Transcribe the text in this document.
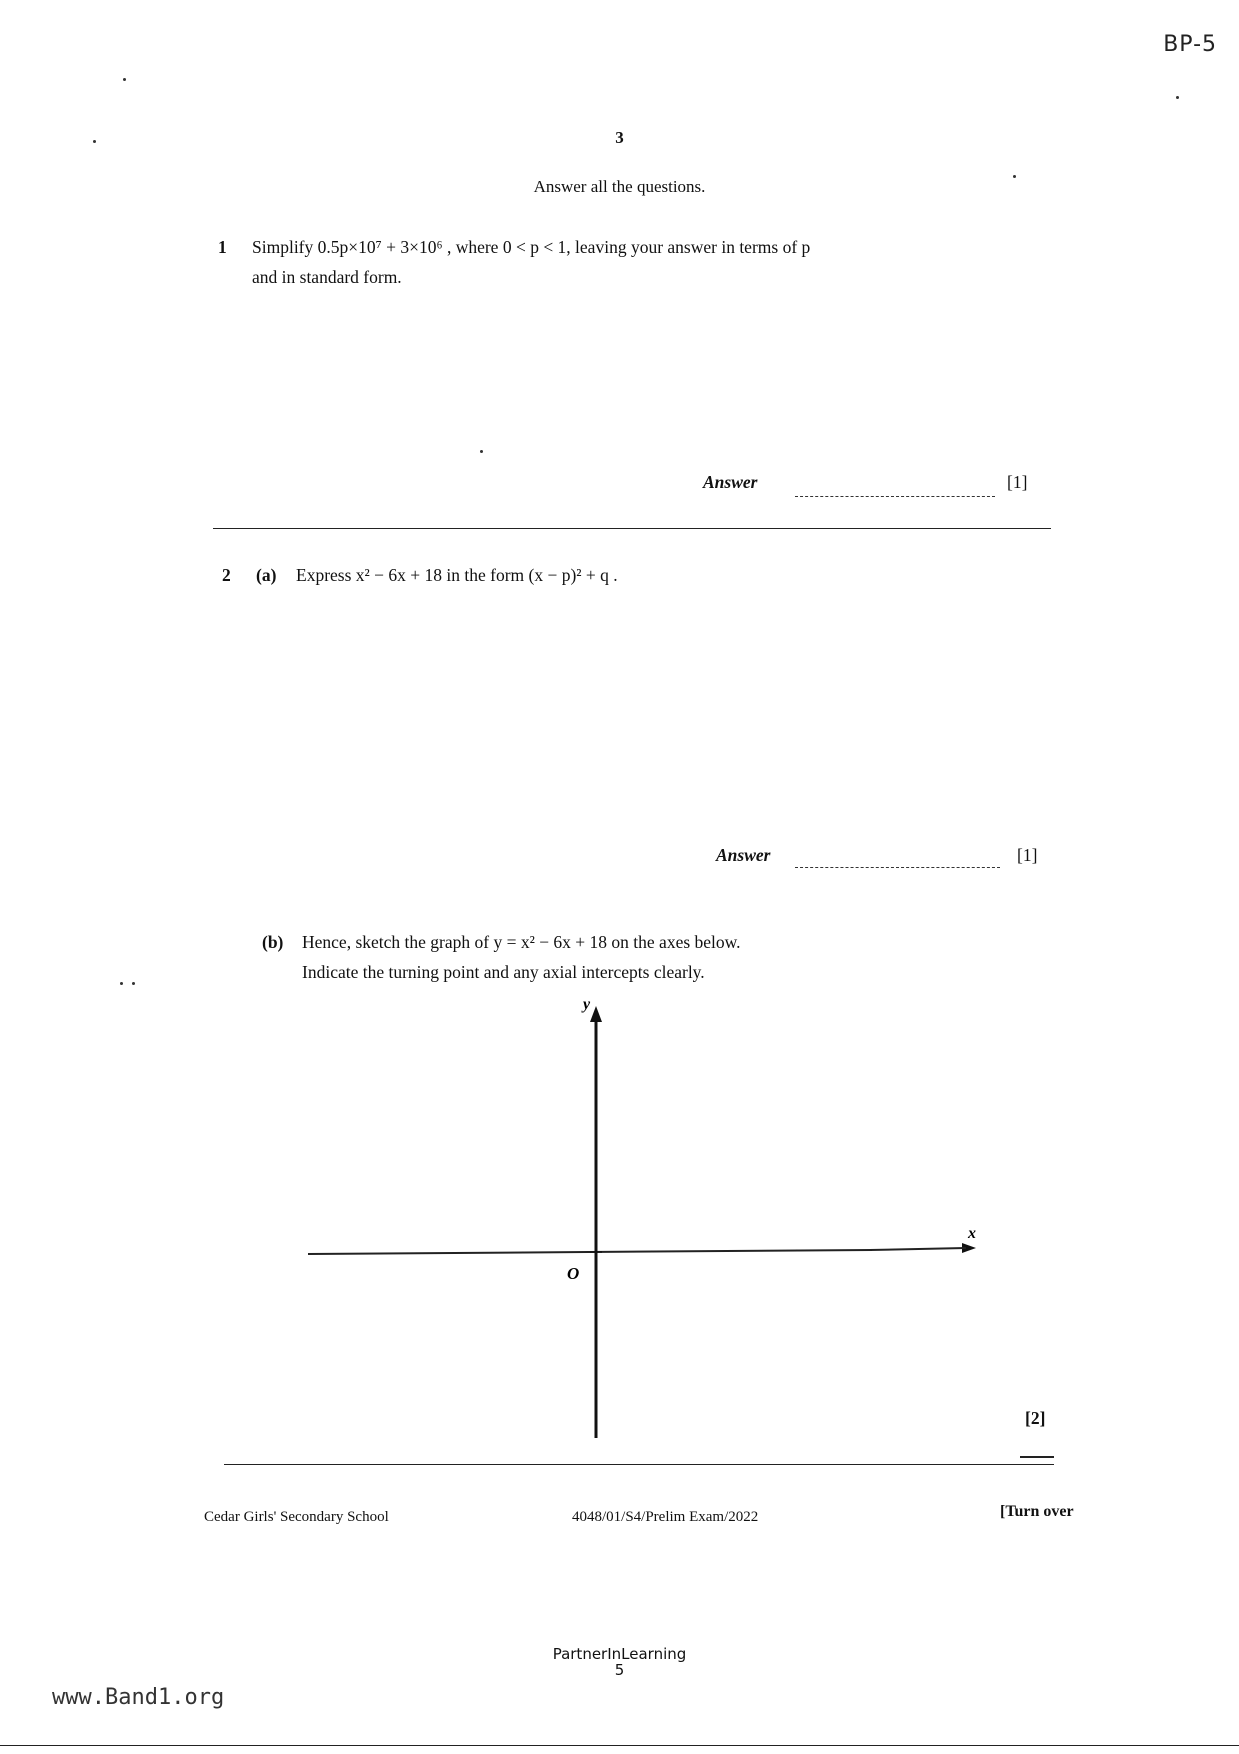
BP-5
3
Answer all the questions.
1 Simplify 0.5p×10⁷ + 3×10⁶ , where 0 < p < 1, leaving your answer in terms of p
and in standard form.
Answer	[1]
2 (a) Express x² − 6x + 18 in the form (x − p)² + q .
Answer	[1]
(b) Hence, sketch the graph of y = x² − 6x + 18 on the axes below.
Indicate the turning point and any axial intercepts clearly.
y
x
O
[2]
Cedar Girls' Secondary School	4048/01/S4/Prelim Exam/2022	[Turn over
PartnerInLearning
5
www.Band1.org
